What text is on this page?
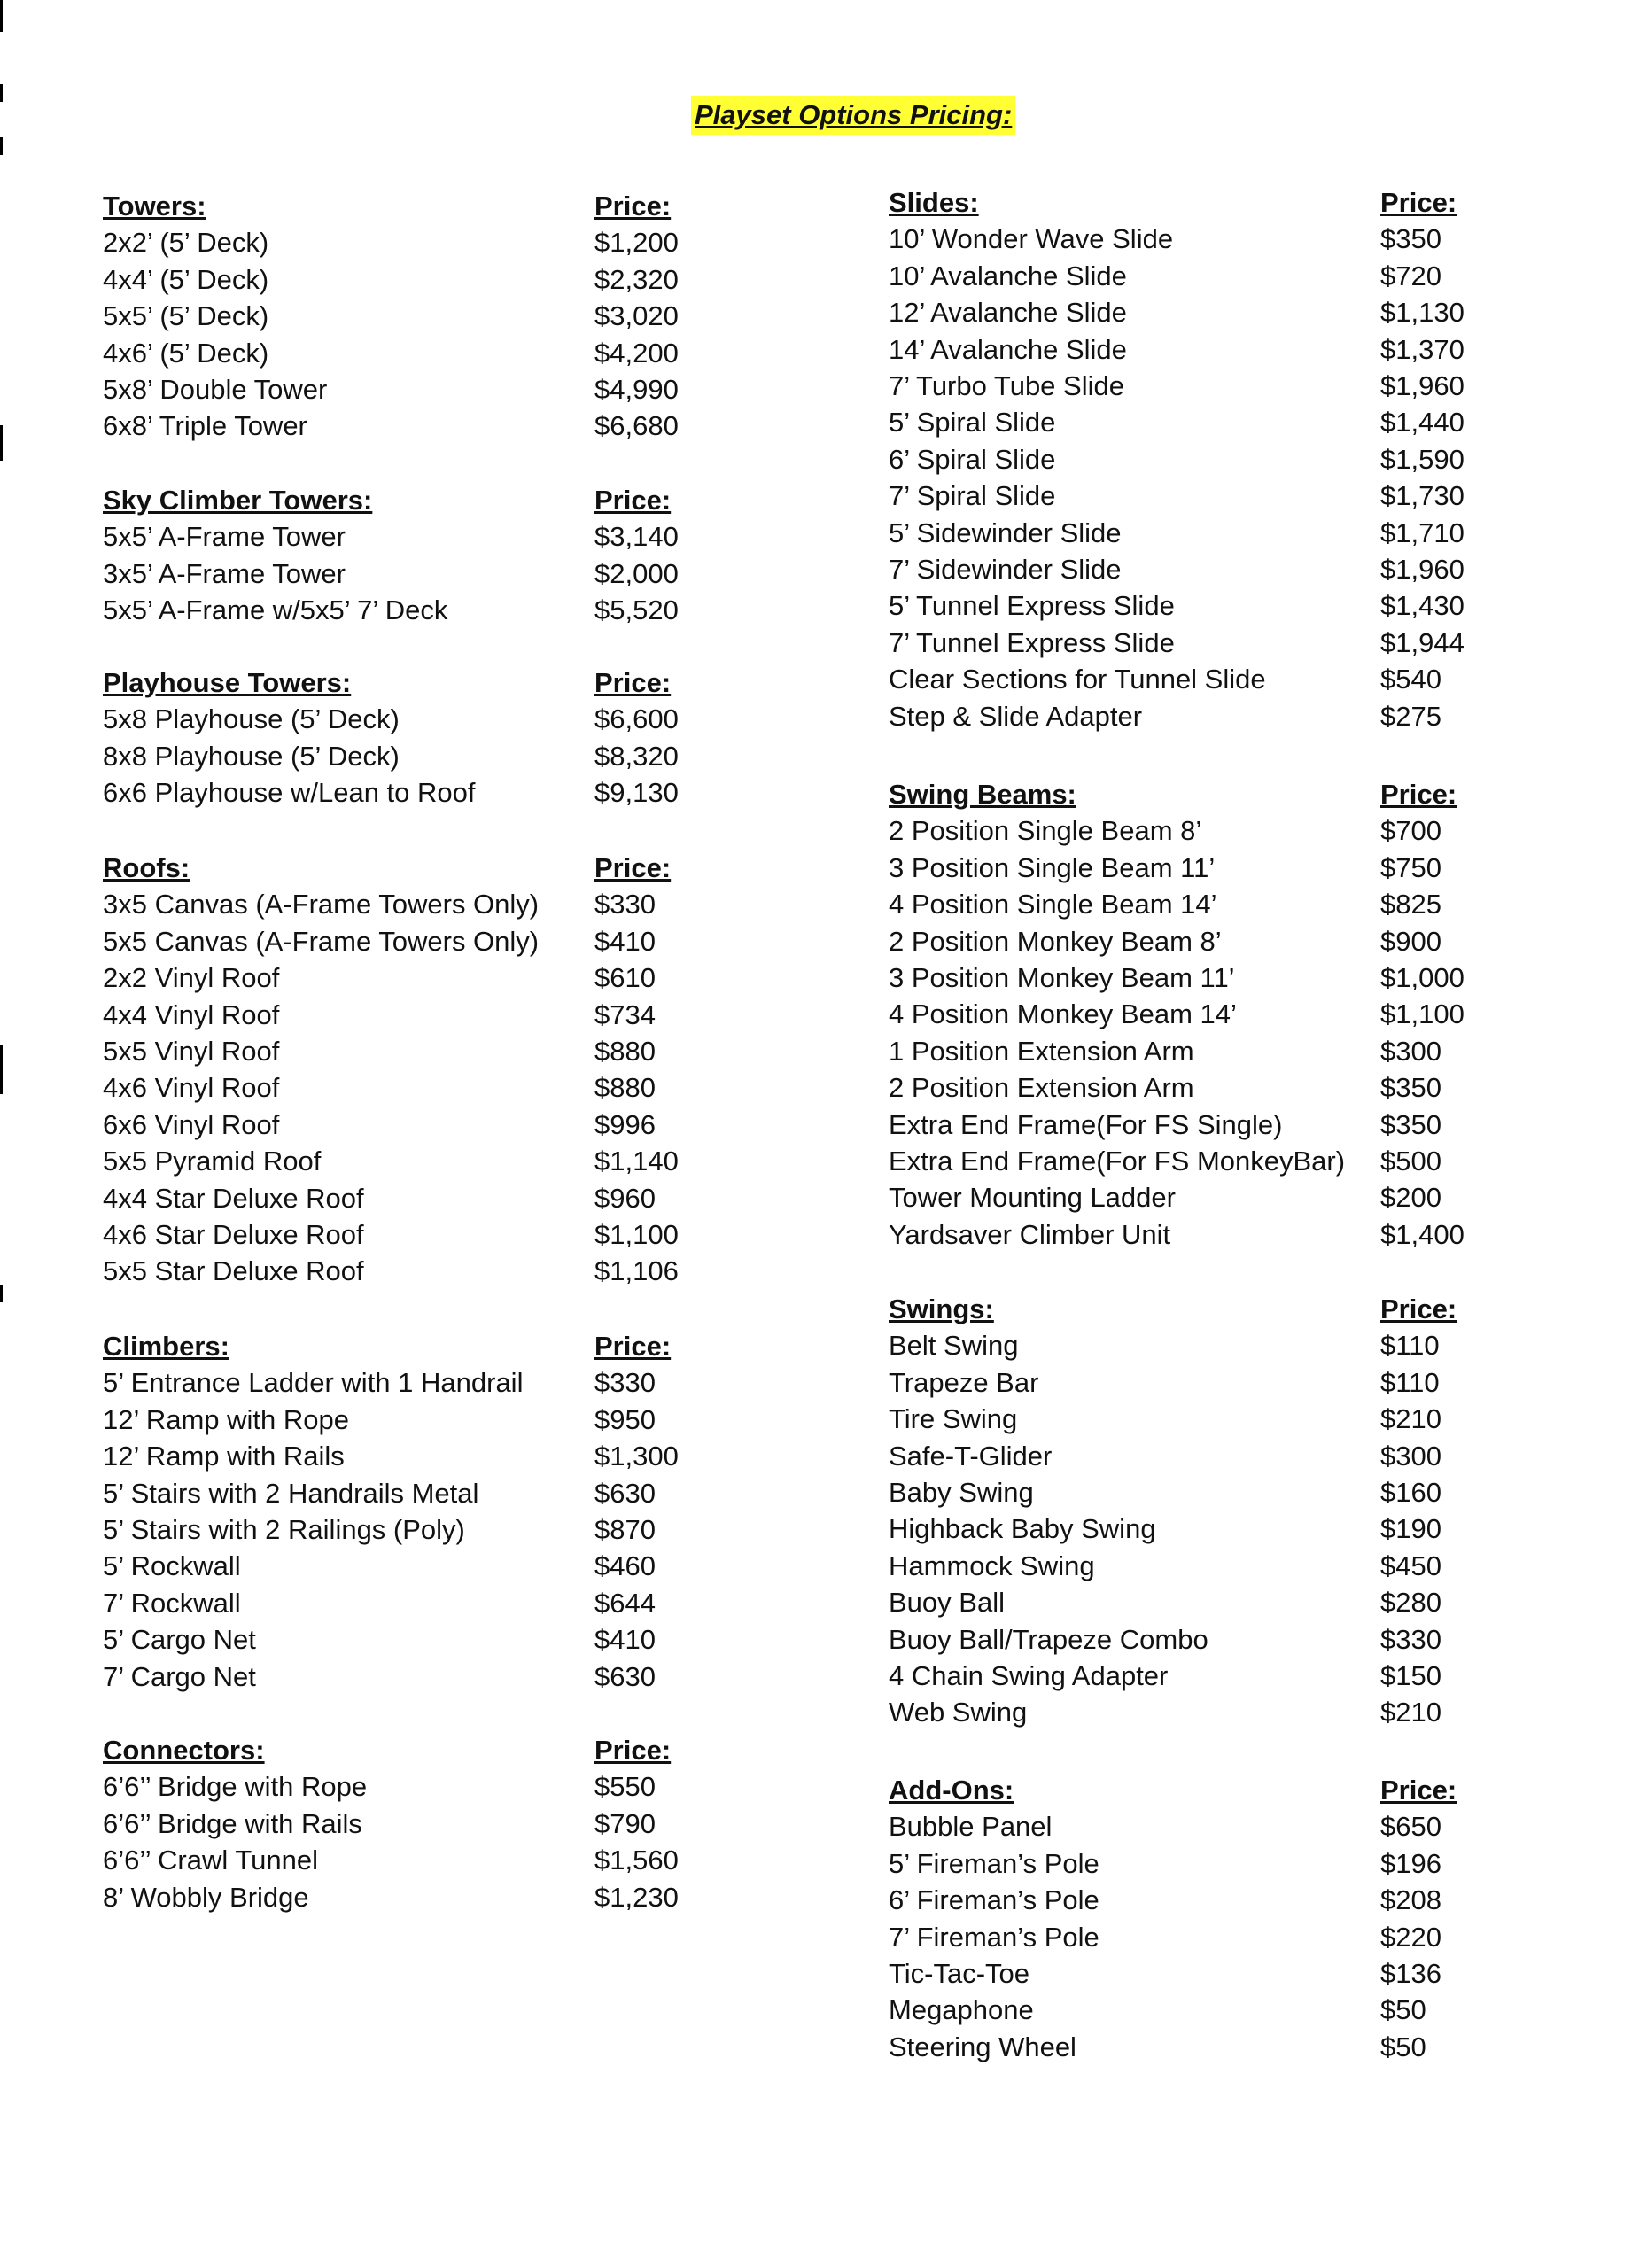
Playset Options Pricing:
Towers:	Price:
2x2’ (5’ Deck)	$1,200
4x4’ (5’ Deck)	$2,320
5x5’ (5’ Deck)	$3,020
4x6’ (5’ Deck)	$4,200
5x8’ Double Tower	$4,990
6x8’ Triple Tower	$6,680
Sky Climber Towers:	Price:
5x5’ A-Frame Tower	$3,140
3x5’ A-Frame Tower	$2,000
5x5’ A-Frame w/5x5’ 7’ Deck	$5,520
Playhouse Towers:	Price:
5x8 Playhouse (5’ Deck)	$6,600
8x8 Playhouse (5’ Deck)	$8,320
6x6 Playhouse w/Lean to Roof	$9,130
Roofs:	Price:
3x5 Canvas (A-Frame Towers Only) $330
5x5 Canvas (A-Frame Towers Only) $410
2x2 Vinyl Roof	$610
4x4 Vinyl Roof	$734
5x5 Vinyl Roof	$880
4x6 Vinyl Roof	$880
6x6 Vinyl Roof	$996
5x5 Pyramid Roof	$1,140
4x4 Star Deluxe Roof	$960
4x6 Star Deluxe Roof	$1,100
5x5 Star Deluxe Roof	$1,106
Climbers:	Price:
5’ Entrance Ladder with 1 Handrail	$330
12’ Ramp with Rope	$950
12’ Ramp with Rails	$1,300
5’ Stairs with 2 Handrails Metal	$630
5’ Stairs with 2 Railings (Poly)	$870
5’ Rockwall	$460
7’ Rockwall	$644
5’ Cargo Net	$410
7’ Cargo Net	$630
Connectors:	Price:
6’6’’ Bridge with Rope	$550
6’6’’ Bridge with Rails	$790
6’6’’ Crawl Tunnel	$1,560
8’ Wobbly Bridge	$1,230
Slides:	Price:
10’ Wonder Wave Slide	$350
10’ Avalanche Slide	$720
12’ Avalanche Slide	$1,130
14’ Avalanche Slide	$1,370
7’ Turbo Tube Slide	$1,960
5’ Spiral Slide	$1,440
6’ Spiral Slide	$1,590
7’ Spiral Slide	$1,730
5’ Sidewinder Slide	$1,710
7’ Sidewinder Slide	$1,960
5’ Tunnel Express Slide	$1,430
7’ Tunnel Express Slide	$1,944
Clear Sections for Tunnel Slide	$540
Step & Slide Adapter	$275
Swing Beams:	Price:
2 Position Single Beam 8’	$700
3 Position Single Beam 11’	$750
4 Position Single Beam 14’	$825
2 Position Monkey Beam 8’	$900
3 Position Monkey Beam 11’	$1,000
4 Position Monkey Beam 14’	$1,100
1 Position Extension Arm	$300
2 Position Extension Arm	$350
Extra End Frame(For FS Single)	$350
Extra End Frame(For FS MonkeyBar) $500
Tower Mounting Ladder	$200
Yardsaver Climber Unit	$1,400
Swings:	Price:
Belt Swing	$110
Trapeze Bar	$110
Tire Swing	$210
Safe-T-Glider	$300
Baby Swing	$160
Highback Baby Swing	$190
Hammock Swing	$450
Buoy Ball	$280
Buoy Ball/Trapeze Combo	$330
4 Chain Swing Adapter	$150
Web Swing	$210
Add-Ons:	Price:
Bubble Panel	$650
5’ Fireman’s Pole	$196
6’ Fireman’s Pole	$208
7’ Fireman’s Pole	$220
Tic-Tac-Toe	$136
Megaphone	$50
Steering Wheel	$50
